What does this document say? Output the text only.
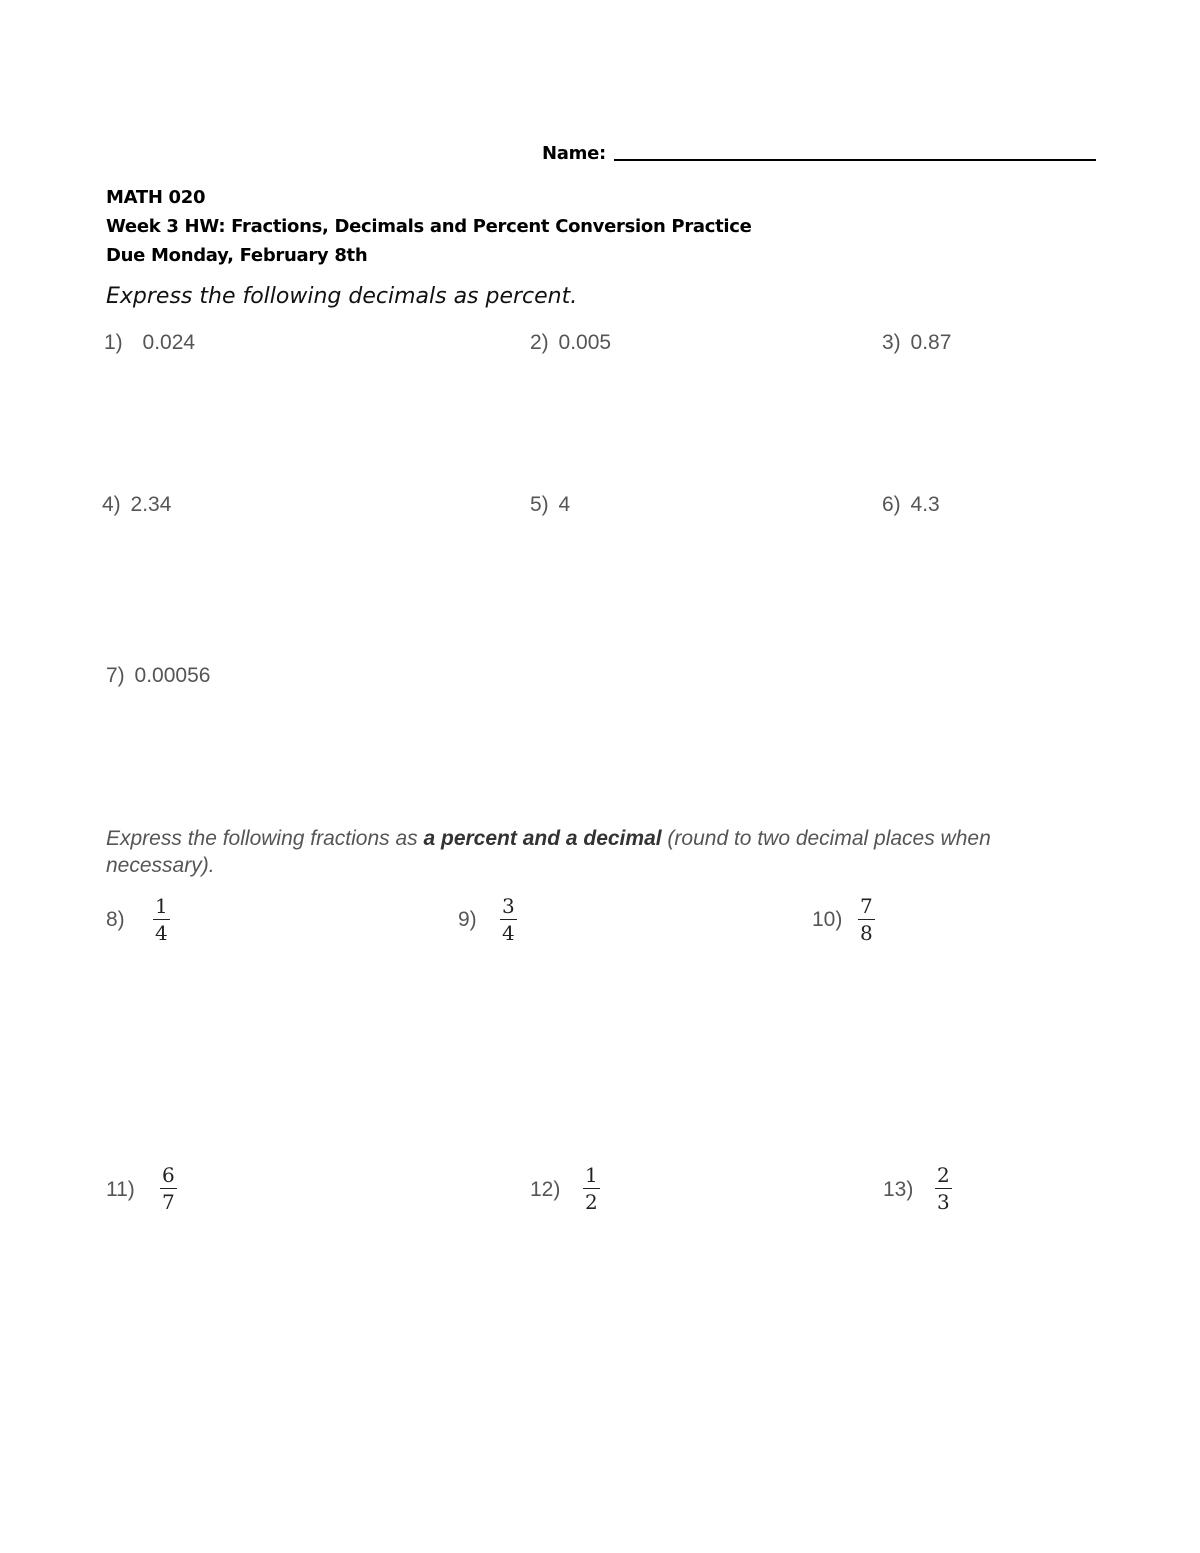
Name:
MATH 020
Week 3 HW: Fractions, Decimals and Percent Conversion Practice
Due Monday, February 8th
Express the following decimals as percent.
1) 0.024	2) 0.005	3) 0.87
4) 2.34	5) 4	6) 4.3
7) 0.00056
Express the following fractions as a percent and a decimal (round to two decimal places when necessary).
$8) \frac{1}{4}$	$9) \frac{3}{4}$	$10) \frac{7}{8}$
$11) \frac{6}{7}$	$12) \frac{1}{2}$	$13) \frac{2}{3}$
